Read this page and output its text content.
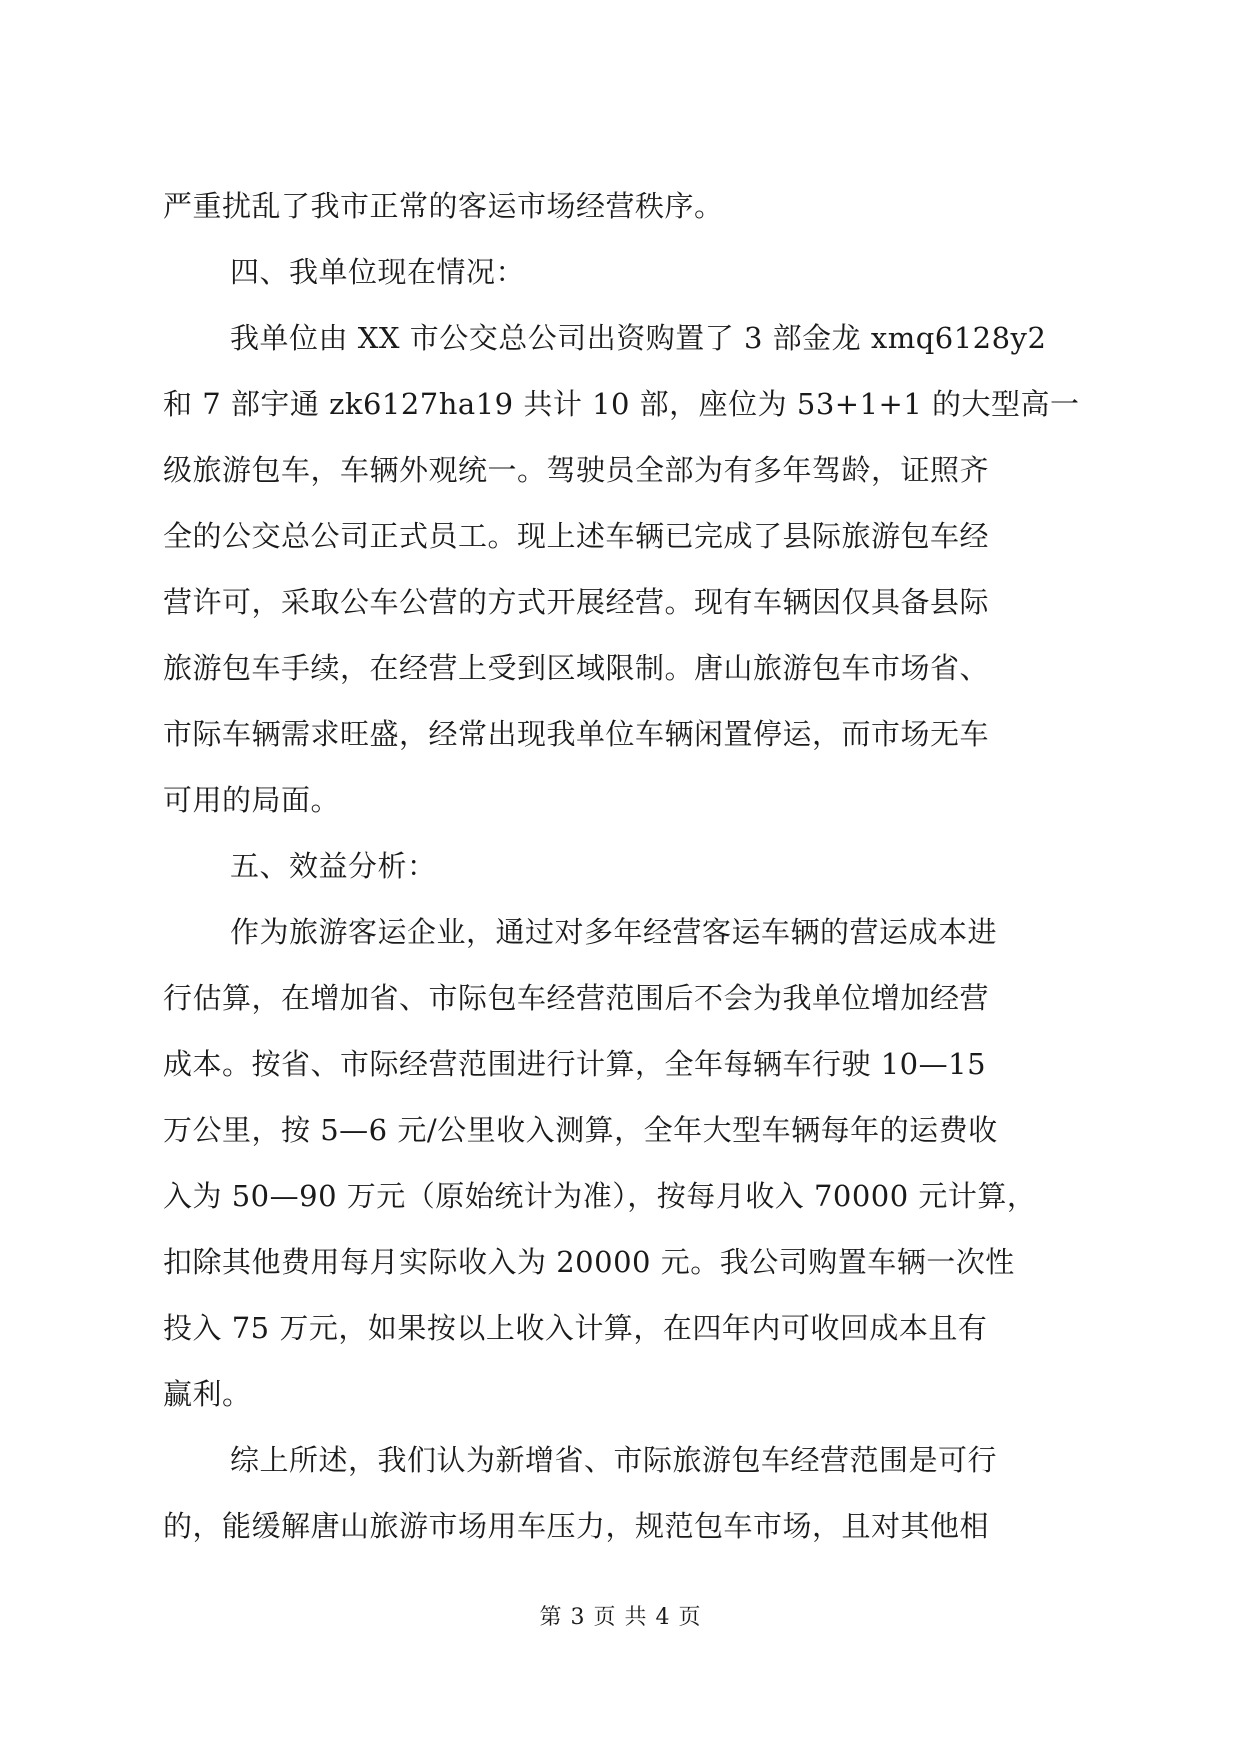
严重扰乱了我市正常的客运市场经营秩序。
四、我单位现在情况：
我单位由 XX 市公交总公司出资购置了 3 部金龙 xmq6128y2
和 7 部宇通 zk6127ha19 共计 10 部，座位为 53+1+1 的大型高一
级旅游包车，车辆外观统一。驾驶员全部为有多年驾龄，证照齐
全的公交总公司正式员工。现上述车辆已完成了县际旅游包车经
营许可，采取公车公营的方式开展经营。现有车辆因仅具备县际
旅游包车手续，在经营上受到区域限制。唐山旅游包车市场省、
市际车辆需求旺盛，经常出现我单位车辆闲置停运，而市场无车
可用的局面。
五、效益分析：
作为旅游客运企业，通过对多年经营客运车辆的营运成本进
行估算，在增加省、市际包车经营范围后不会为我单位增加经营
成本。按省、市际经营范围进行计算，全年每辆车行驶 10—15
万公里，按 5—6 元/公里收入测算，全年大型车辆每年的运费收
入为 50—90 万元（原始统计为准），按每月收入 70000 元计算，
扣除其他费用每月实际收入为 20000 元。我公司购置车辆一次性
投入 75 万元，如果按以上收入计算，在四年内可收回成本且有
赢利。
综上所述，我们认为新增省、市际旅游包车经营范围是可行
的，能缓解唐山旅游市场用车压力，规范包车市场，且对其他相
第 3 页 共 4 页
